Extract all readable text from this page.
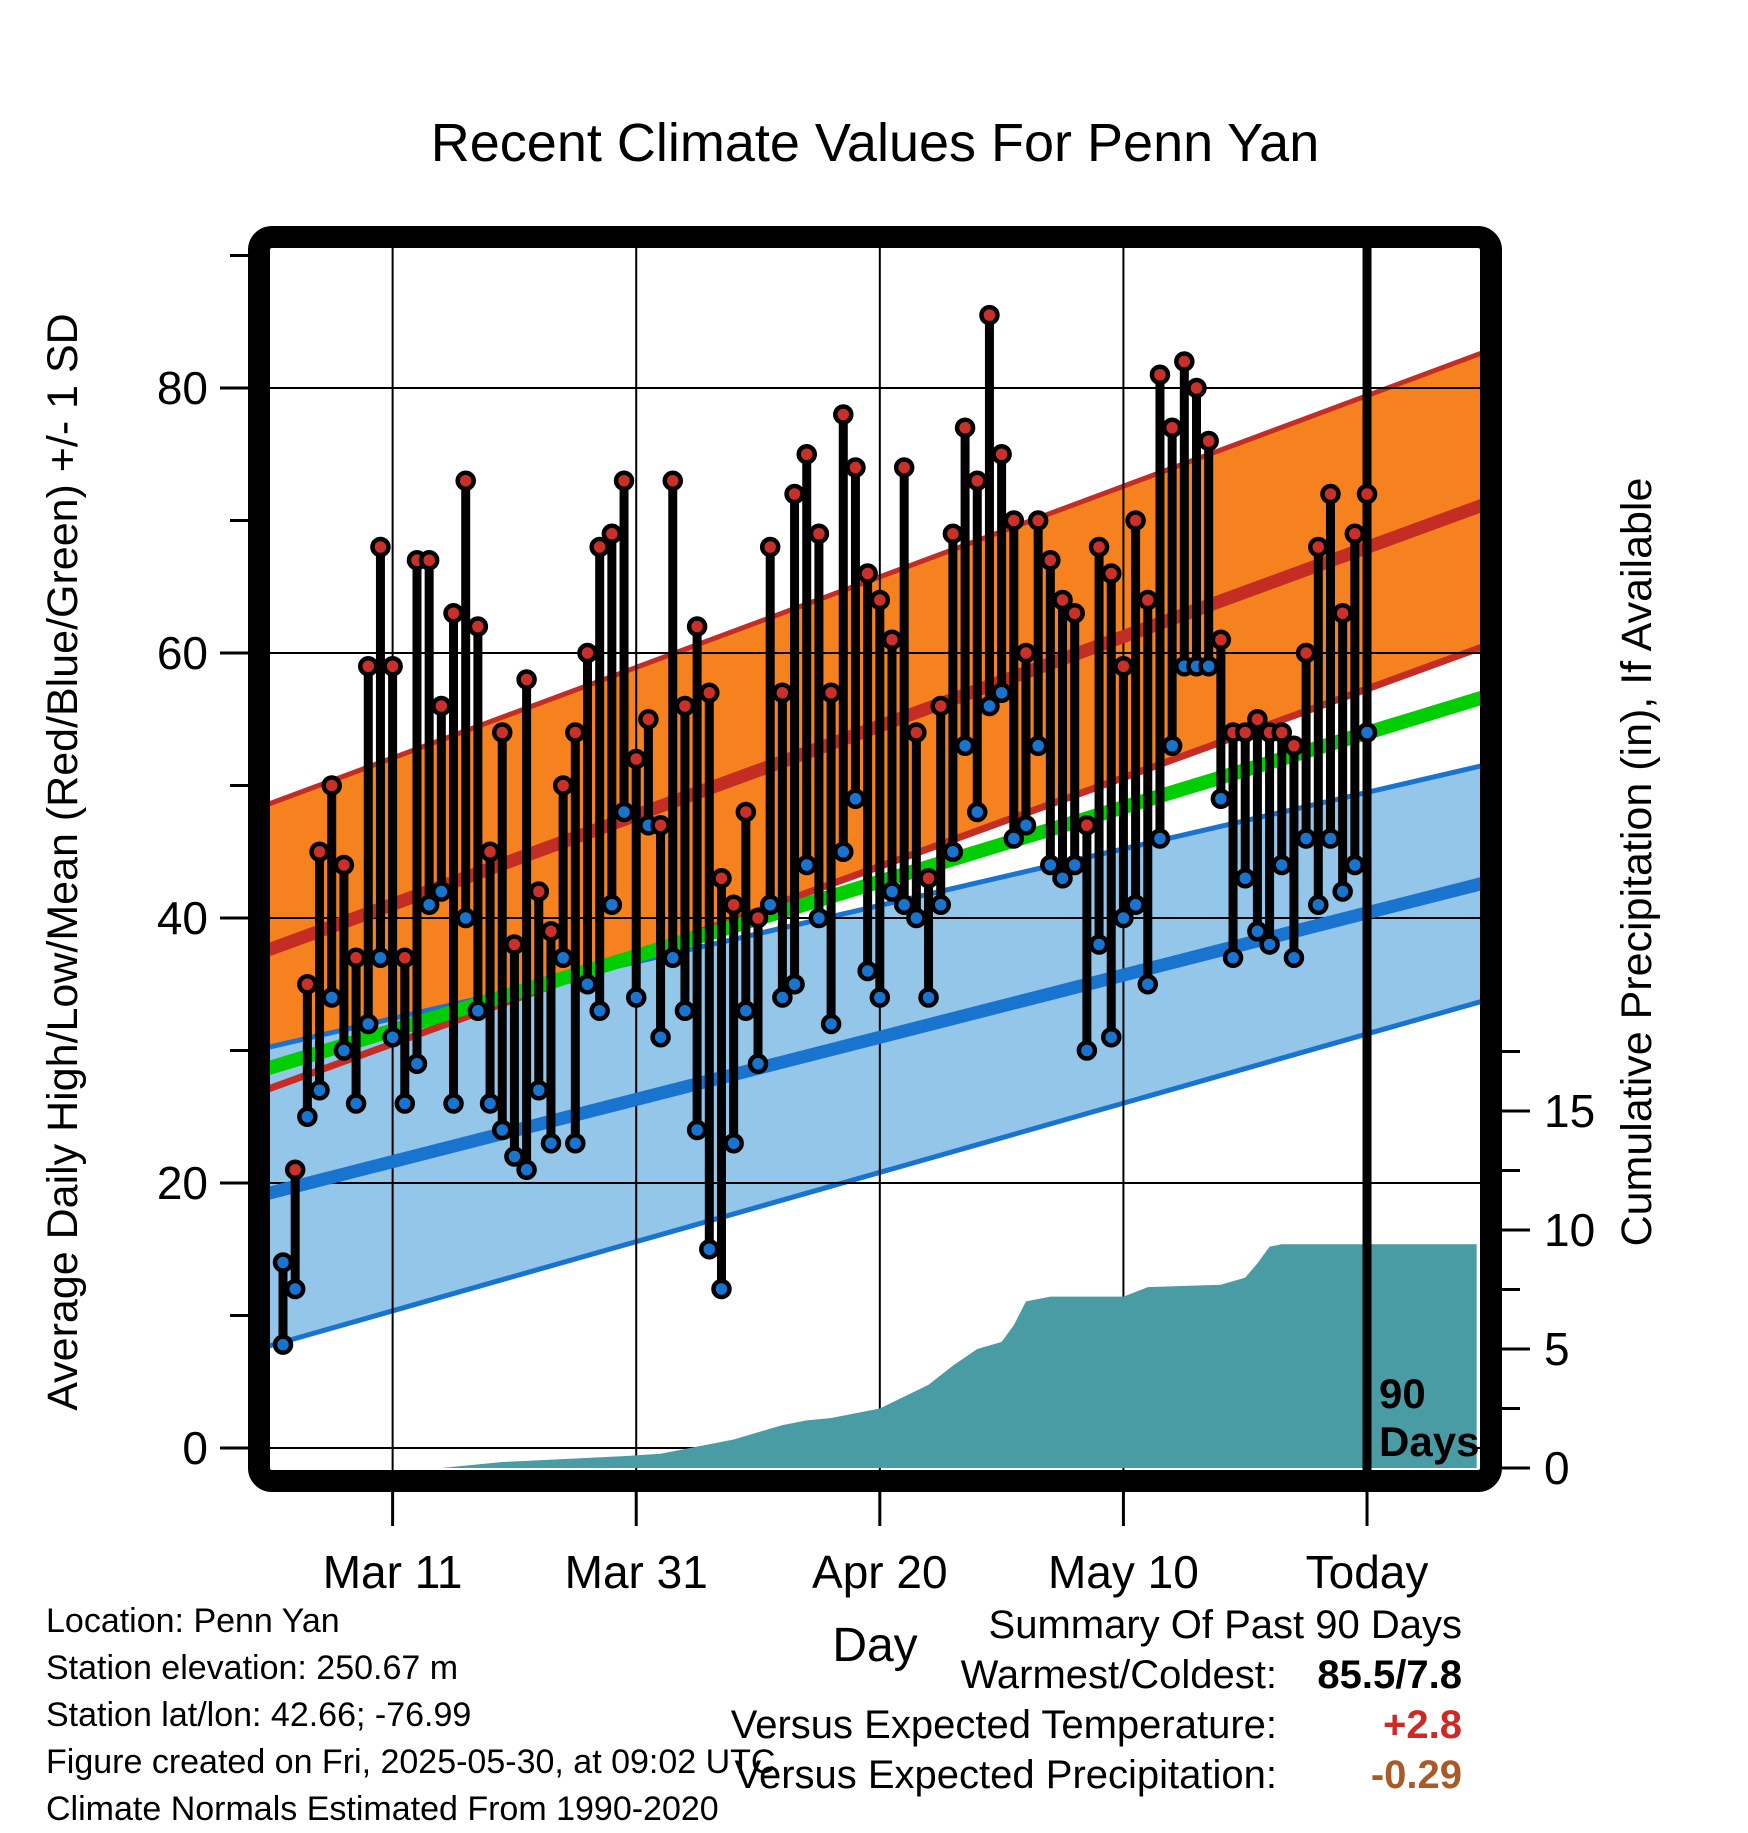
90
Days
0
20
40
60
80
0
5
10
15
Mar 11 Mar 31 Apr 20 May 10 Today
Recent Climate Values For Penn Yan
Average Daily High/Low/Mean (Red/Blue/Green) +/- 1 SD	Cumulative Precipitation (in), If Available
Day
Location: Penn Yan
Station elevation: 250.67 m
Station lat/lon: 42.66; -76.99
Figure created on Fri, 2025-05-30, at 09:02 UTC
Climate Normals Estimated From 1990-2020
Summary Of Past 90 Days
Warmest/Coldest:	85.5/7.8
Versus Expected Temperature:	+2.8
Versus Expected Precipitation:	-0.29
